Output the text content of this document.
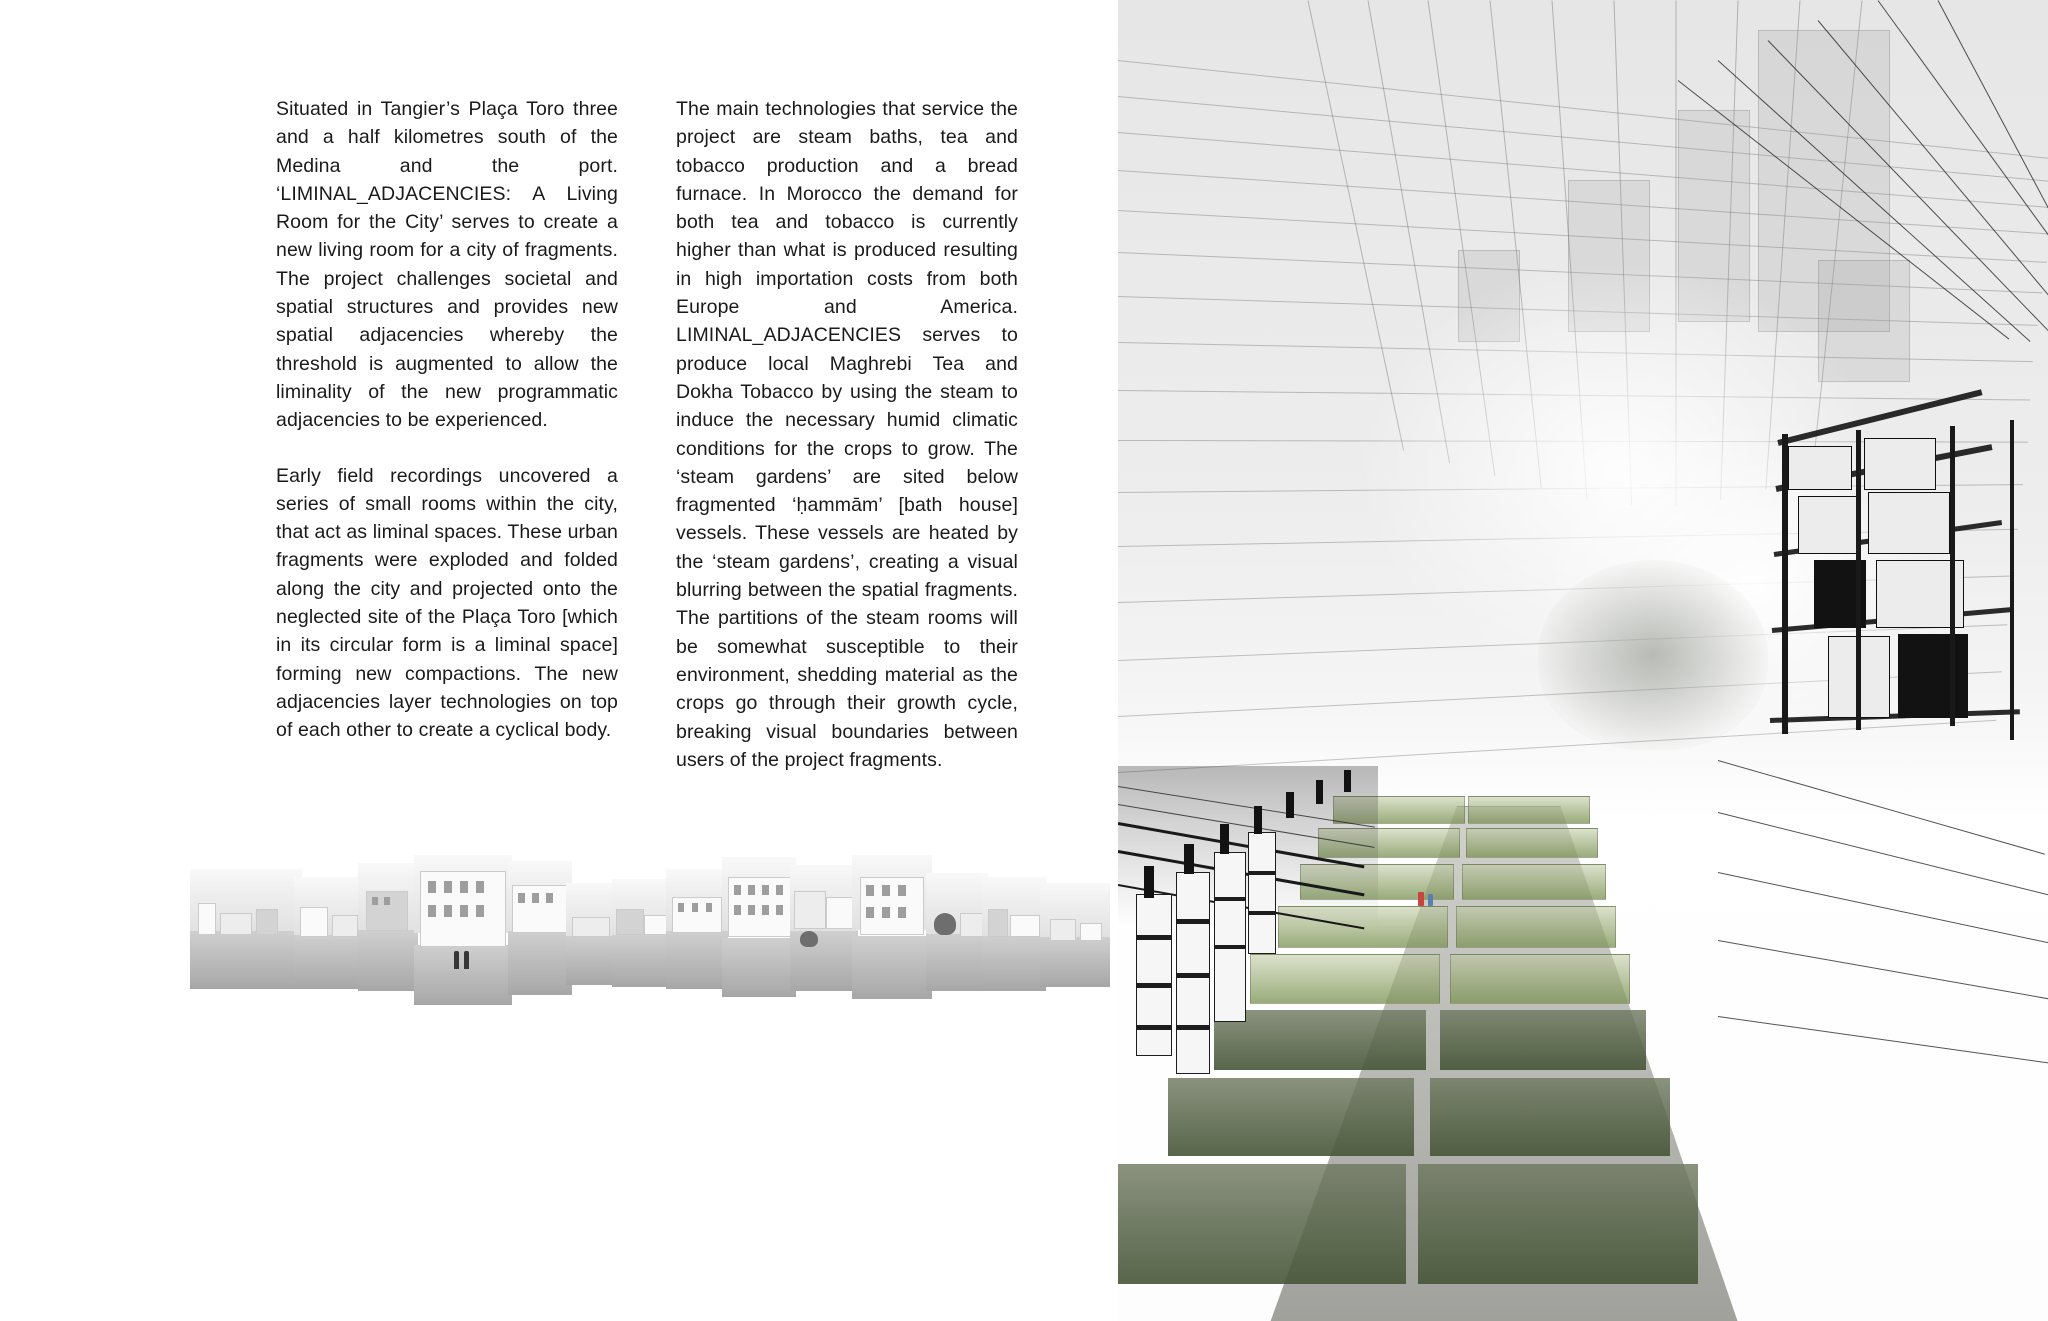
Situated in Tangier’s Plaça Toro three and a half kilometres south of the Medina and the port. ‘LIMINAL_ADJACENCIES: A Living Room for the City’ serves to create a new living room for a city of fragments. The project challenges societal and spatial structures and provides new spatial adjacencies whereby the threshold is augmented to allow the liminality of the new programmatic adjacencies to be experienced.

Early field recordings uncovered a series of small rooms within the city, that act as liminal spaces. These urban fragments were exploded and folded along the city and projected onto the neglected site of the Plaça Toro [which in its circular form is a liminal space] forming new compactions. The new adjacencies layer technologies on top of each other to create a cyclical body.

The main technologies that service the project are steam baths, tea and tobacco production and a bread furnace. In Morocco the demand for both tea and tobacco is currently higher than what is produced resulting in high importation costs from both Europe and America. LIMINAL_ADJACENCIES serves to produce local Maghrebi Tea and Dokha Tobacco by using the steam to induce the necessary humid climatic conditions for the crops to grow. The ‘steam gardens’ are sited below fragmented ‘ḥammām’ [bath house] vessels. These vessels are heated by the ‘steam gardens’, creating a visual blurring between the spatial fragments. The partitions of the steam rooms will be somewhat susceptible to their environment, shedding material as the crops go through their growth cycle, breaking visual boundaries between users of the project fragments.
